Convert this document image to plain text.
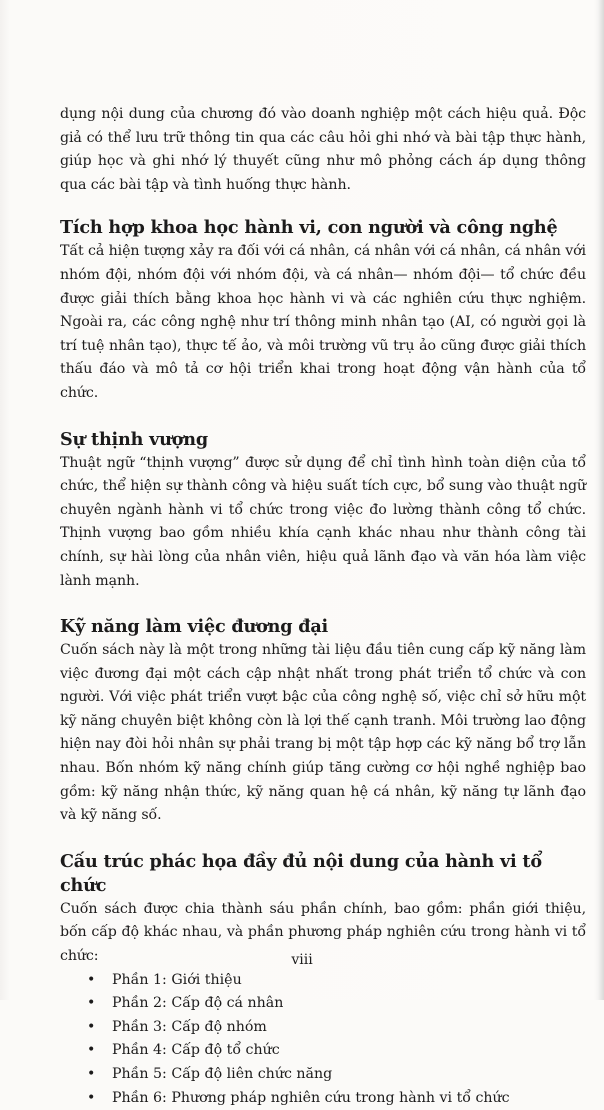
dụng nội dung của chương đó vào doanh nghiệp một cách hiệu quả. Độc giả có thể lưu trữ thông tin qua các câu hỏi ghi nhớ và bài tập thực hành, giúp học và ghi nhớ lý thuyết cũng như mô phỏng cách áp dụng thông qua các bài tập và tình huống thực hành.

Tích hợp khoa học hành vi, con người và công nghệ

Tất cả hiện tượng xảy ra đối với cá nhân, cá nhân với cá nhân, cá nhân với nhóm đội, nhóm đội với nhóm đội, và cá nhân— nhóm đội— tổ chức đều được giải thích bằng khoa học hành vi và các nghiên cứu thực nghiệm. Ngoài ra, các công nghệ như trí thông minh nhân tạo (AI, có người gọi là trí tuệ nhân tạo), thực tế ảo, và môi trường vũ trụ ảo cũng được giải thích thấu đáo và mô tả cơ hội triển khai trong hoạt động vận hành của tổ chức.

Sự thịnh vượng

Thuật ngữ “thịnh vượng” được sử dụng để chỉ tình hình toàn diện của tổ chức, thể hiện sự thành công và hiệu suất tích cực, bổ sung vào thuật ngữ chuyên ngành hành vi tổ chức trong việc đo lường thành công tổ chức. Thịnh vượng bao gồm nhiều khía cạnh khác nhau như thành công tài chính, sự hài lòng của nhân viên, hiệu quả lãnh đạo và văn hóa làm việc lành mạnh.

Kỹ năng làm việc đương đại

Cuốn sách này là một trong những tài liệu đầu tiên cung cấp kỹ năng làm việc đương đại một cách cập nhật nhất trong phát triển tổ chức và con người. Với việc phát triển vượt bậc của công nghệ số, việc chỉ sở hữu một kỹ năng chuyên biệt không còn là lợi thế cạnh tranh. Môi trường lao động hiện nay đòi hỏi nhân sự phải trang bị một tập hợp các kỹ năng bổ trợ lẫn nhau. Bốn nhóm kỹ năng chính giúp tăng cường cơ hội nghề nghiệp bao gồm: kỹ năng nhận thức, kỹ năng quan hệ cá nhân, kỹ năng tự lãnh đạo và kỹ năng số.

Cấu trúc phác họa đầy đủ nội dung của hành vi tổ chức

Cuốn sách được chia thành sáu phần chính, bao gồm: phần giới thiệu, bốn cấp độ khác nhau, và phần phương pháp nghiên cứu trong hành vi tổ chức:

• Phần 1: Giới thiệu
• Phần 2: Cấp độ cá nhân
• Phần 3: Cấp độ nhóm
• Phần 4: Cấp độ tổ chức
• Phần 5: Cấp độ liên chức năng
• Phần 6: Phương pháp nghiên cứu trong hành vi tổ chức
viii
